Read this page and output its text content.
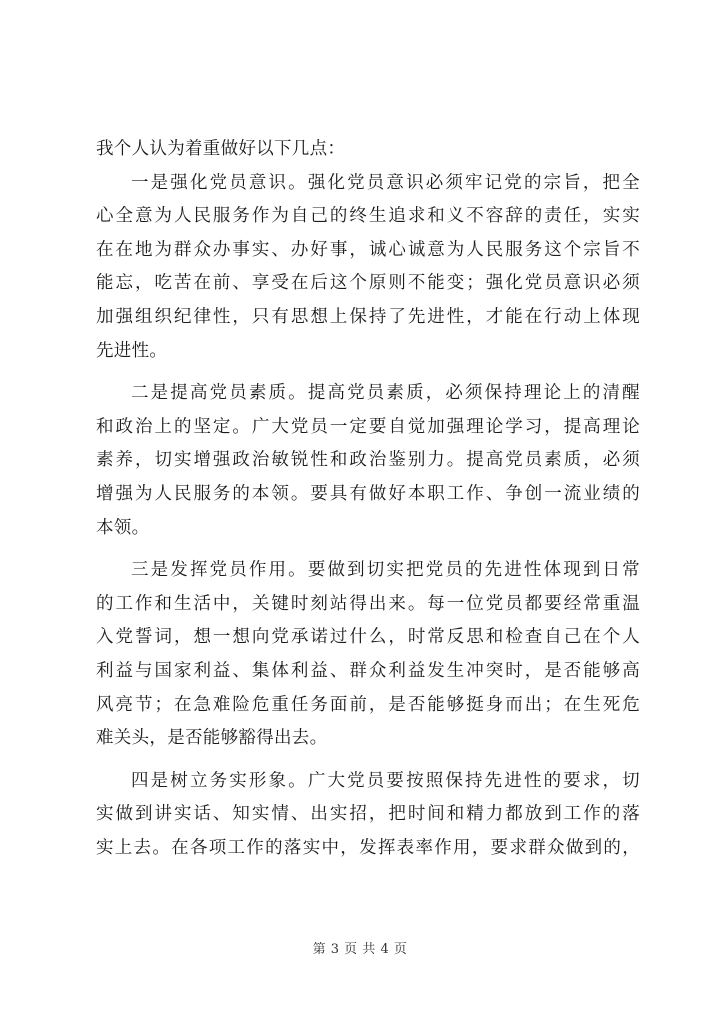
我个人认为着重做好以下几点：
一是强化党员意识。强化党员意识必须牢记党的宗旨，把全
心全意为人民服务作为自己的终生追求和义不容辞的责任，实实
在在地为群众办事实、办好事，诚心诚意为人民服务这个宗旨不
能忘，吃苦在前、享受在后这个原则不能变；强化党员意识必须
加强组织纪律性，只有思想上保持了先进性，才能在行动上体现
先进性。
二是提高党员素质。提高党员素质，必须保持理论上的清醒
和政治上的坚定。广大党员一定要自觉加强理论学习，提高理论
素养，切实增强政治敏锐性和政治鉴别力。提高党员素质，必须
增强为人民服务的本领。要具有做好本职工作、争创一流业绩的
本领。
三是发挥党员作用。要做到切实把党员的先进性体现到日常
的工作和生活中，关键时刻站得出来。每一位党员都要经常重温
入党誓词，想一想向党承诺过什么，时常反思和检查自己在个人
利益与国家利益、集体利益、群众利益发生冲突时，是否能够高
风亮节；在急难险危重任务面前，是否能够挺身而出；在生死危
难关头，是否能够豁得出去。
四是树立务实形象。广大党员要按照保持先进性的要求，切
实做到讲实话、知实情、出实招，把时间和精力都放到工作的落
实上去。在各项工作的落实中，发挥表率作用，要求群众做到的，
第 3 页 共 4 页
